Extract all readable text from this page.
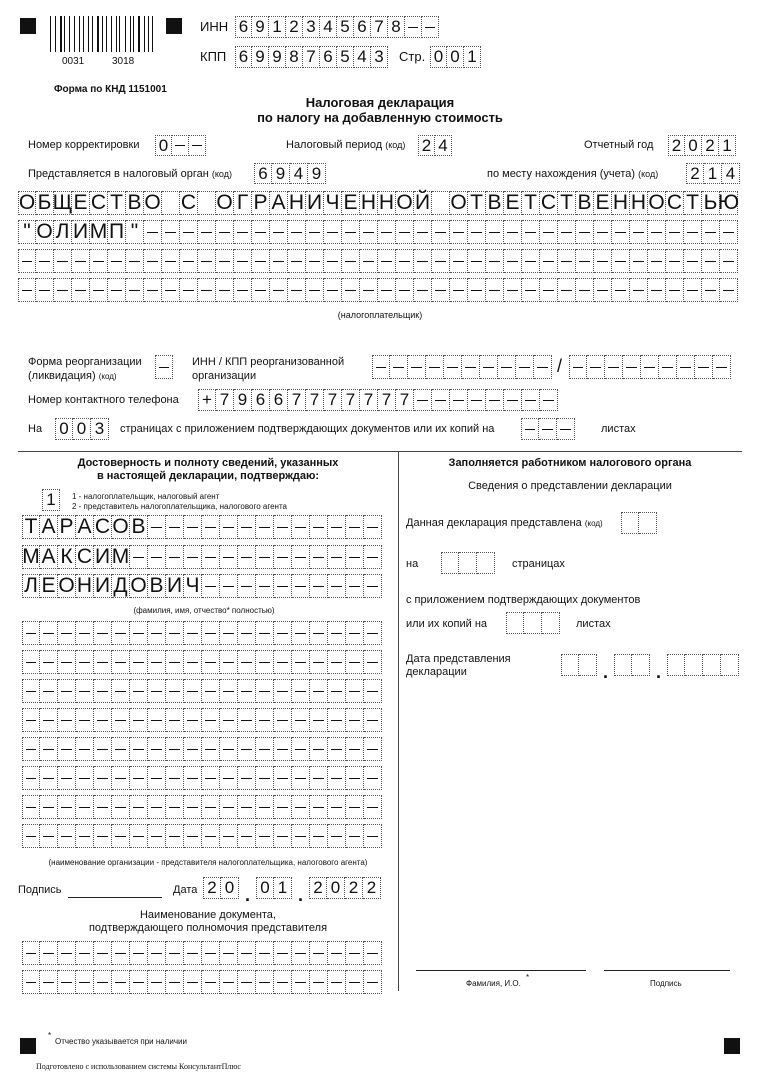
0031	3018
ИНН 6 9 1 2 3 4 5 6 7 8
КПП 6 9 9 8 7 6 5 4 3	Стр. 0 0 1
Форма по КНД 1151001
Налоговая декларация
по налогу на добавленную стоимость
Номер корректировки 0	Налоговый период (код) 2 4	Отчетный год 2 0 2 1
Представляется в налоговый орган (код) 6 9 4 9	по месту нахождения (учета) (код) 2 1 4
О Б Щ Е С Т В О С О Г Р А Н И Ч Е Н Н О Й О Т В Е Т С Т В Е Н Н О С Т Ь Ю
" О Л И М П "
(налогоплательщик)
Форма реорганизации
(ликвидация) (код)
ИНН / КПП реорганизованной
организации	/
Номер контактного телефона + 7 9 6 6 7 7 7 7 7 7 7
На 0 0 3	страницах с приложением подтверждающих документов или их копий на	листах
Достоверность и полноту сведений, указанных
в настоящей декларации, подтверждаю:
1	1 - налогоплательщик, налоговый агент
2 - представитель налогоплательщика, налогового агента
Т А Р А С О В
М А К С И М
Л Е О Н И Д О В И Ч
(фамилия, имя, отчество* полностью)
(наименование организации - представителя налогоплательщика, налогового агента)
Подпись	Дата 2 0 . 0 1 . 2 0 2 2
Наименование документа,
подтверждающего полномочия представителя
Заполняется работником налогового органа
Сведения о представлении декларации
Данная декларация представлена (код)
на	страницах
с приложением подтверждающих документов
или их копий на	листах
Дата представления
декларации	.	.
Фамилия, И.О.
*
Подпись
*
Отчество указывается при наличии
Подготовлено с использованием системы КонсультантПлюс
